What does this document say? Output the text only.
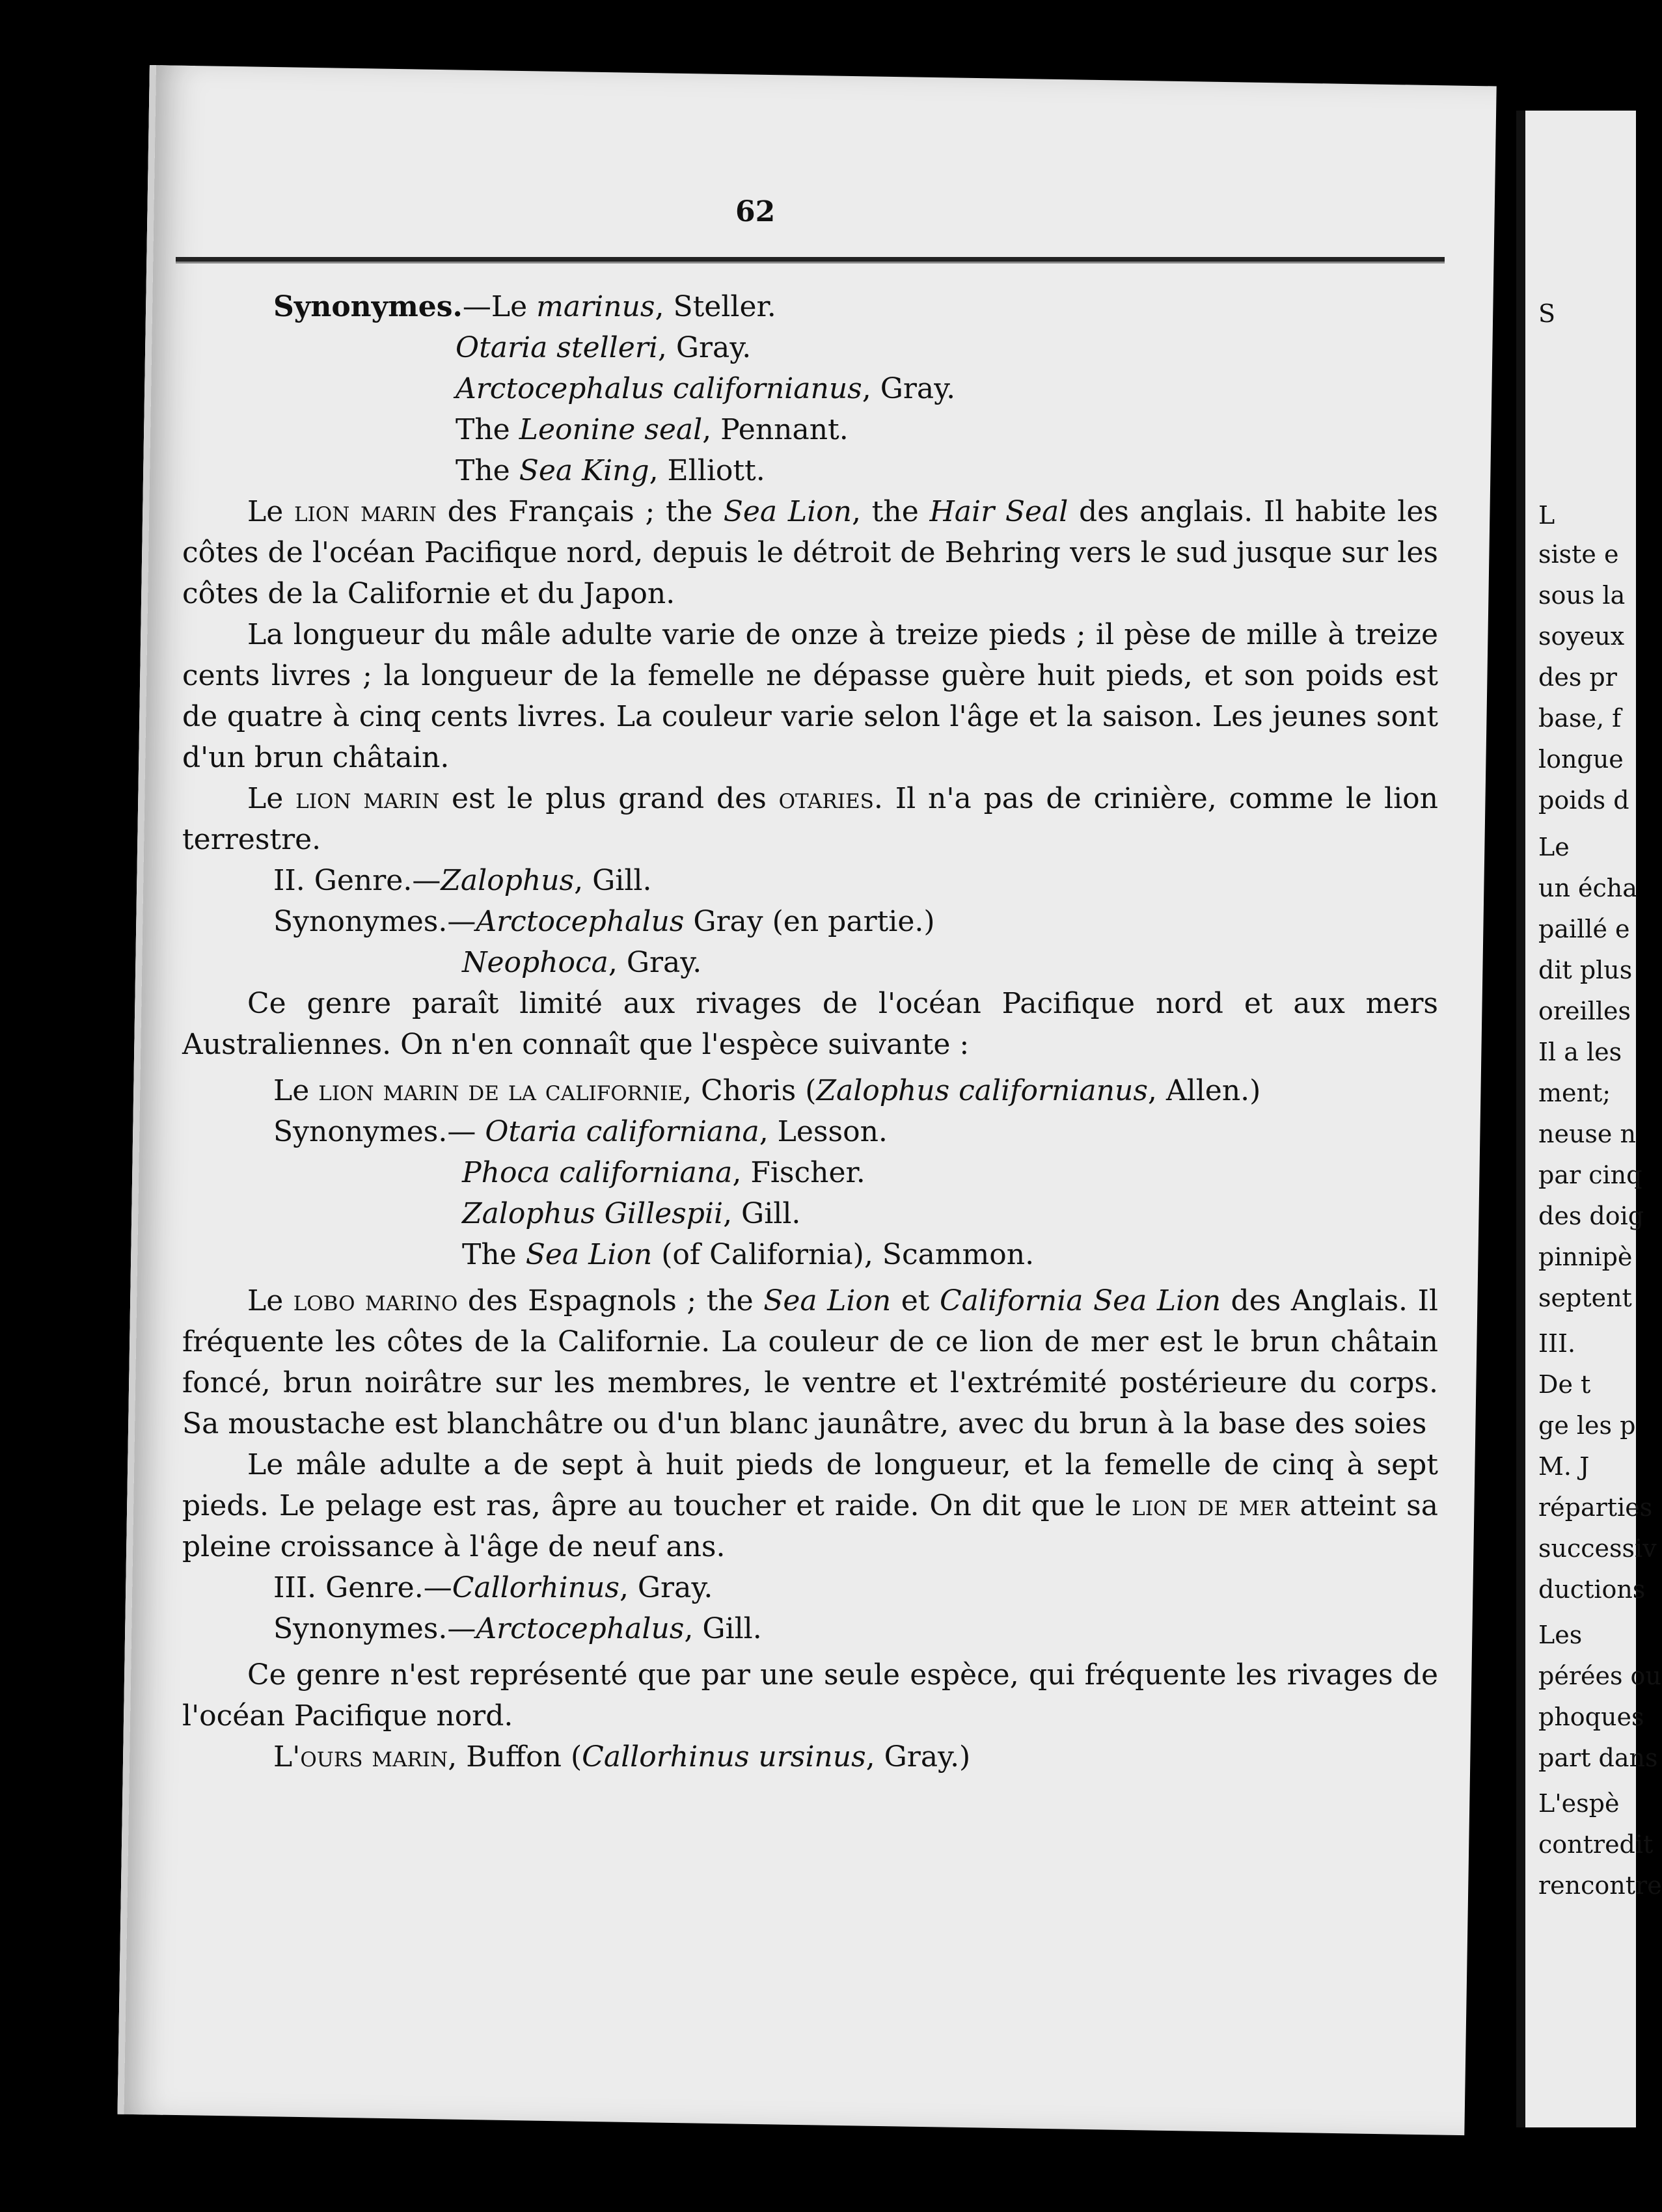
62

Synonymes.—Le marinus, Steller.

Otaria stelleri, Gray.

Arctocephalus californianus, Gray.

The Leonine seal, Pennant.

The Sea King, Elliott.

Le lion marin des Français ; the Sea Lion, the Hair Seal des anglais. Il habite les côtes de l'océan Pacifique nord, depuis le détroit de Behring vers le sud jusque sur les côtes de la Californie et du Japon.

La longueur du mâle adulte varie de onze à treize pieds ; il pèse de mille à treize cents livres ; la longueur de la femelle ne dépasse guère huit pieds, et son poids est de quatre à cinq cents livres. La couleur varie selon l'âge et la saison. Les jeunes sont d'un brun châtain.

Le lion marin est le plus grand des otaries. Il n'a pas de crinière, comme le lion terrestre.

II. Genre.—Zalophus, Gill.

Synonymes.—Arctocephalus Gray (en partie.)

Neophoca, Gray.

Ce genre paraît limité aux rivages de l'océan Pacifique nord et aux mers Australiennes. On n'en connaît que l'espèce suivante :

Le lion marin de la californie, Choris (Zalophus californianus, Allen.)

Synonymes.— Otaria californiana, Lesson.

Phoca californiana, Fischer.

Zalophus Gillespii, Gill.

The Sea Lion (of California), Scammon.

Le lobo marino des Espagnols ; the Sea Lion et California Sea Lion des Anglais. Il fréquente les côtes de la Californie. La couleur de ce lion de mer est le brun châtain foncé, brun noirâtre sur les membres, le ventre et l'extrémité postérieure du corps. Sa moustache est blanchâtre ou d'un blanc jaunâtre, avec du brun à la base des soies

Le mâle adulte a de sept à huit pieds de longueur, et la femelle de cinq à sept pieds. Le pelage est ras, âpre au toucher et raide. On dit que le lion de mer atteint sa pleine croissance à l'âge de neuf ans.

III. Genre.—Callorhinus, Gray.

Synonymes.—Arctocephalus, Gill.

Ce genre n'est représenté que par une seule espèce, qui fréquente les rivages de l'océan Pacifique nord.

L'ours marin, Buffon (Callorhinus ursinus, Gray.)

S
L
siste e
sous la
soyeux
des pr
base, f
longue
poids d
Le
un écha
paillé e
dit plus
oreilles
Il a les
ment;
neuse n
par cinq
des doig
pinnipè
septent
III.
De t
ge les p
M. J
réparties
successiv
ductions
Les
pérées ou
phoques
part dans
L'espè
contredit
rencontre
